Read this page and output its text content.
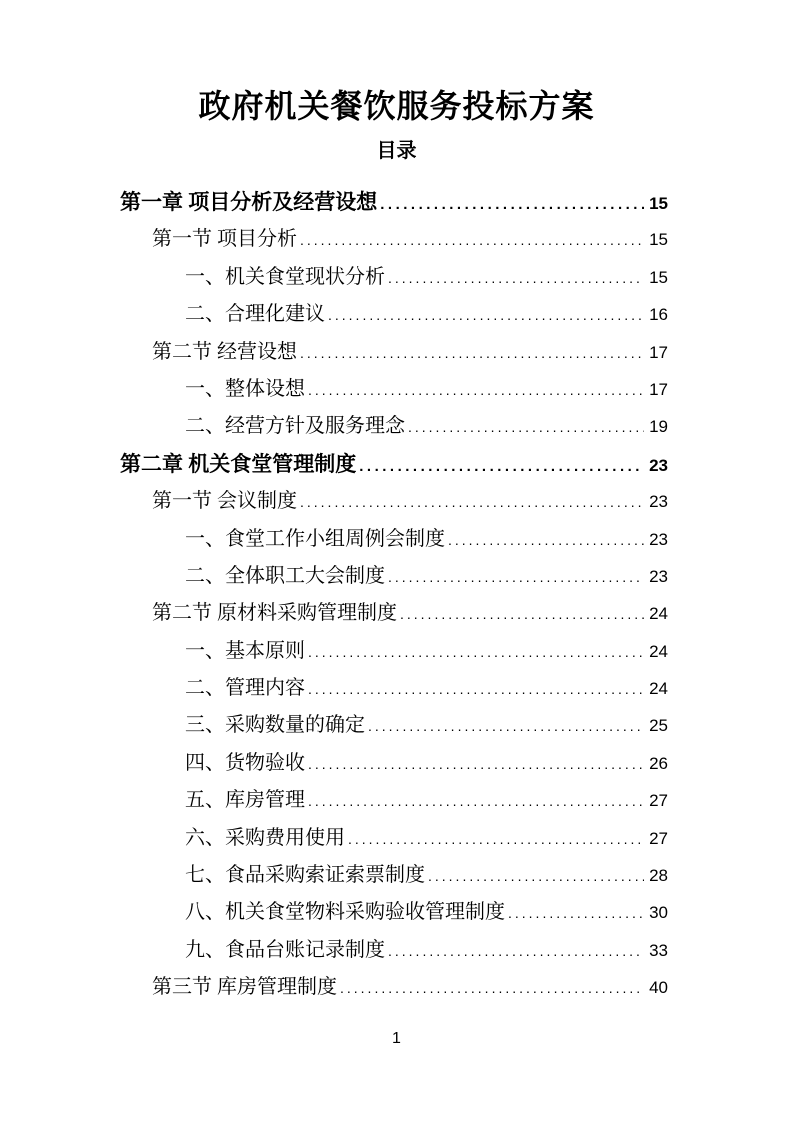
政府机关餐饮服务投标方案
目录
第一章 项目分析及经营设想 .....	15
第一节 项目分析 .....	15
一、机关食堂现状分析 .....	15
二、合理化建议 .....	16
第二节 经营设想 .....	17
一、整体设想 .....	17
二、经营方针及服务理念 .....	19
第二章 机关食堂管理制度 .....	23
第一节 会议制度 .....	23
一、食堂工作小组周例会制度 .....	23
二、全体职工大会制度 .....	23
第二节 原材料采购管理制度 .....	24
一、基本原则 .....	24
二、管理内容 .....	24
三、采购数量的确定 .....	25
四、货物验收 .....	26
五、库房管理 .....	27
六、采购费用使用 .....	27
七、食品采购索证索票制度 .....	28
八、机关食堂物料采购验收管理制度 .....	30
九、食品台账记录制度 .....	33
第三节 库房管理制度 .....	40
1
